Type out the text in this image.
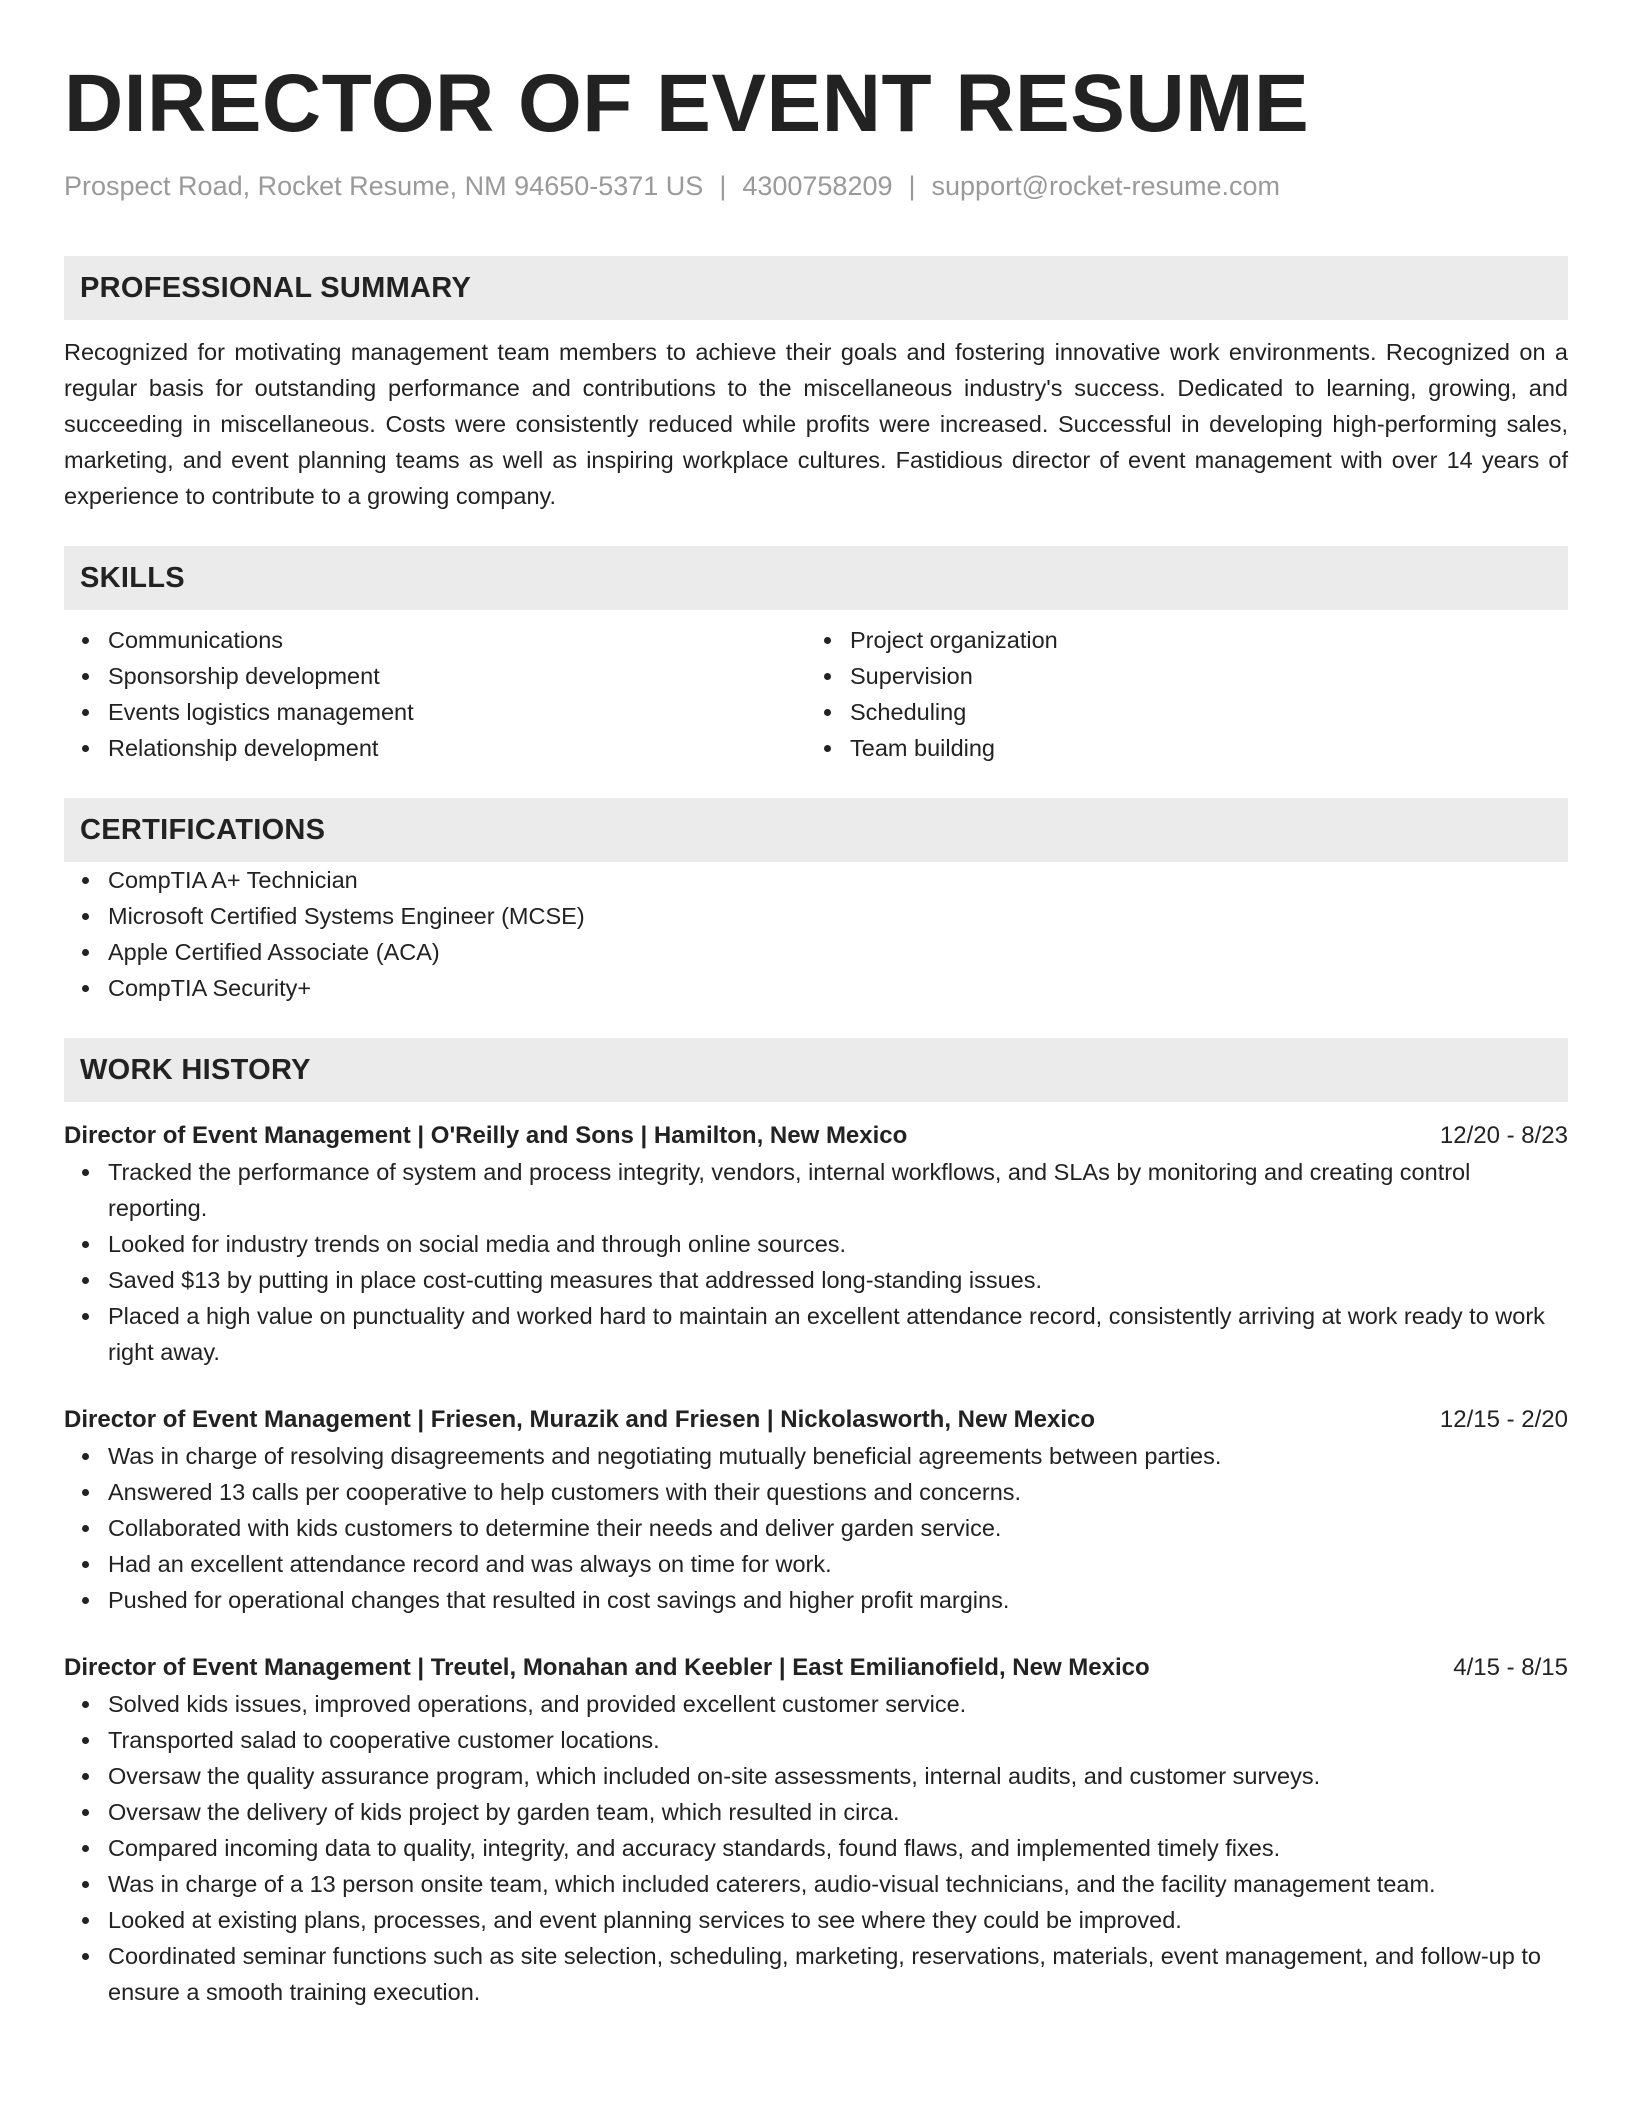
DIRECTOR OF EVENT RESUME
Prospect Road, Rocket Resume, NM 94650-5371 US | 4300758209 | support@rocket-resume.com
PROFESSIONAL SUMMARY
Recognized for motivating management team members to achieve their goals and fostering innovative work environments. Recognized on a regular basis for outstanding performance and contributions to the miscellaneous industry's success. Dedicated to learning, growing, and succeeding in miscellaneous. Costs were consistently reduced while profits were increased. Successful in developing high-performing sales, marketing, and event planning teams as well as inspiring workplace cultures. Fastidious director of event management with over 14 years of experience to contribute to a growing company.
SKILLS
Communications
Sponsorship development
Events logistics management
Relationship development
Project organization
Supervision
Scheduling
Team building
CERTIFICATIONS
CompTIA A+ Technician
Microsoft Certified Systems Engineer (MCSE)
Apple Certified Associate (ACA)
CompTIA Security+
WORK HISTORY
Director of Event Management | O'Reilly and Sons | Hamilton, New Mexico	12/20 - 8/23
Tracked the performance of system and process integrity, vendors, internal workflows, and SLAs by monitoring and creating control reporting.
Looked for industry trends on social media and through online sources.
Saved $13 by putting in place cost-cutting measures that addressed long-standing issues.
Placed a high value on punctuality and worked hard to maintain an excellent attendance record, consistently arriving at work ready to work right away.
Director of Event Management | Friesen, Murazik and Friesen | Nickolasworth, New Mexico	12/15 - 2/20
Was in charge of resolving disagreements and negotiating mutually beneficial agreements between parties.
Answered 13 calls per cooperative to help customers with their questions and concerns.
Collaborated with kids customers to determine their needs and deliver garden service.
Had an excellent attendance record and was always on time for work.
Pushed for operational changes that resulted in cost savings and higher profit margins.
Director of Event Management | Treutel, Monahan and Keebler | East Emilianofield, New Mexico	4/15 - 8/15
Solved kids issues, improved operations, and provided excellent customer service.
Transported salad to cooperative customer locations.
Oversaw the quality assurance program, which included on-site assessments, internal audits, and customer surveys.
Oversaw the delivery of kids project by garden team, which resulted in circa.
Compared incoming data to quality, integrity, and accuracy standards, found flaws, and implemented timely fixes.
Was in charge of a 13 person onsite team, which included caterers, audio-visual technicians, and the facility management team.
Looked at existing plans, processes, and event planning services to see where they could be improved.
Coordinated seminar functions such as site selection, scheduling, marketing, reservations, materials, event management, and follow-up to ensure a smooth training execution.
